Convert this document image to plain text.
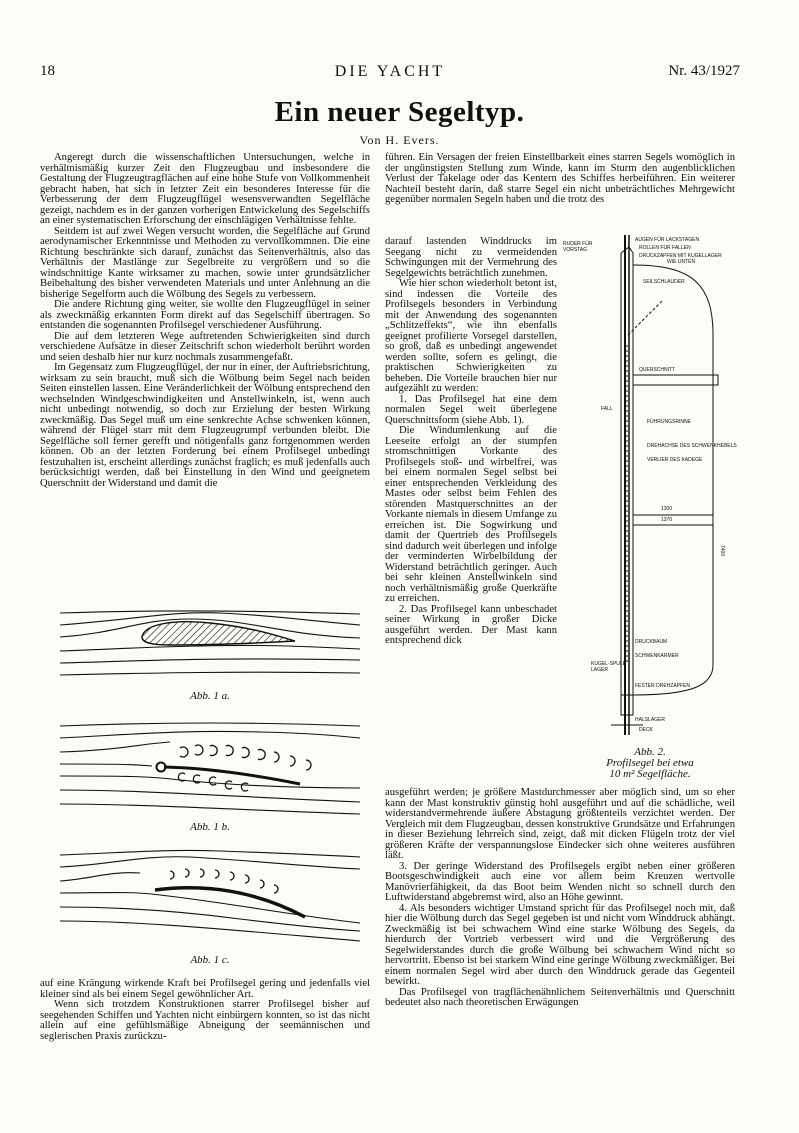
18	DIE YACHT	Nr. 43/1927
Ein neuer Segeltyp.
Von H. Evers.

Angeregt durch die wissenschaftlichen Untersuchungen, welche in verhältnismäßig kurzer Zeit den Flugzeugbau und insbesondere die Gestaltung der Flugzeugtragflächen auf eine hohe Stufe von Vollkommenheit gebracht haben, hat sich in letzter Zeit ein besonderes Interesse für die Verbesserung der dem Flugzeugflügel wesensverwandten Segelfläche gezeigt, nachdem es in der ganzen vorherigen Entwickelung des Segelschiffs an einer systematischen Erforschung der einschlägigen Verhältnisse fehlte.

Seitdem ist auf zwei Wegen versucht worden, die Segelfläche auf Grund aerodynamischer Erkenntnisse und Methoden zu vervollkommnen. Die eine Richtung beschränkte sich darauf, zunächst das Seitenverhältnis, also das Verhältnis der Mastlänge zur Segelbreite zu vergrößern und so die windschnittige Kante wirksamer zu machen, sowie unter grundsätzlicher Beibehaltung des bisher verwendeten Materials und unter Anlehnung an die bisherige Segelform auch die Wölbung des Segels zu verbessern.

Die andere Richtung ging weiter, sie wollte den Flugzeugflügel in seiner als zweckmäßig erkannten Form direkt auf das Segelschiff übertragen. So entstanden die sogenannten Profilsegel verschiedener Ausführung.

Die auf dem letzteren Wege auftretenden Schwierigkeiten sind durch verschiedene Aufsätze in dieser Zeitschrift schon wiederholt berührt worden und seien deshalb hier nur kurz nochmals zusammengefaßt.

Im Gegensatz zum Flugzeugflügel, der nur in einer, der Auftriebsrichtung, wirksam zu sein braucht, muß sich die Wölbung beim Segel nach beiden Seiten einstellen lassen. Eine Veränderlichkeit der Wölbung entsprechend den wechselnden Windgeschwindigkeiten und Anstellwinkeln, ist, wenn auch nicht unbedingt notwendig, so doch zur Erzielung der besten Wirkung zweckmäßig. Das Segel muß um eine senkrechte Achse schwenken können, während der Flügel starr mit dem Flugzeugrumpf verbunden bleibt. Die Segelfläche soll ferner gerefft und nötigenfalls ganz fortgenommen werden können. Ob an der letzten Forderung bei einem Profilsegel unbedingt festzuhalten ist, erscheint allerdings zunächst fraglich; es muß jedenfalls auch berücksichtigt werden, daß bei Einstellung in den Wind und geeignetem Querschnitt der Widerstand und damit die

Abb. 1 a.
Abb. 1 b.
Abb. 1 c.

auf eine Krängung wirkende Kraft bei Profilsegel gering und jedenfalls viel kleiner sind als bei einem Segel gewöhnlicher Art.

Wenn sich trotzdem Konstruktionen starrer Profilsegel bisher auf seegehenden Schiffen und Yachten nicht einbürgern konnten, so ist das nicht allein auf eine gefühlsmäßige Abneigung der seemännischen und seglerischen Praxis zurückzu-

führen. Ein Versagen der freien Einstellbarkeit eines starren Segels womöglich in der ungünstigsten Stellung zum Winde, kann im Sturm den augenblicklichen Verlust der Takelage oder das Kentern des Schiffes herbeiführen. Ein weiterer Nachteil besteht darin, daß starre Segel ein nicht unbeträchtliches Mehrgewicht gegenüber normalen Segeln haben und die trotz des

darauf lastenden Winddrucks im Seegang nicht zu vermeidenden Schwingungen mit der Vermehrung des Segelgewichts beträchtlich zunehmen.

Wie hier schon wiederholt betont ist, sind indessen die Vorteile des Profilsegels besonders in Verbindung mit der Anwendung des sogenannten „Schlitzeffekts“, wie ihn ebenfalls geeignet profilierte Vorsegel darstellen, so groß, daß es unbedingt angewendet werden sollte, sofern es gelingt, die praktischen Schwierigkeiten zu beheben. Die Vorteile brauchen hier nur aufgezählt zu werden:

1. Das Profilsegel hat eine dem normalen Segel weit überlegene Querschnittsform (siehe Abb. 1).

Die Windumlenkung auf die Leeseite erfolgt an der stumpfen stromschnittigen Vorkante des Profilsegels stoß- und wirbelfrei, was bei einem normalen Segel selbst bei einer entsprechenden Verkleidung des Mastes oder selbst beim Fehlen des störenden Mastquerschnittes an der Vorkante niemals in diesem Umfange zu erreichen ist. Die Sogwirkung und damit der Quertrieb des Profilsegels sind dadurch weit überlegen und infolge der verminderten Wirbelbildung der Widerstand beträchtlich geringer. Auch bei sehr kleinen Anstellwinkeln sind noch verhältnismäßig große Querkräfte zu erreichen.

2. Das Profilsegel kann unbeschadet seiner Wirkung in großer Dicke ausgeführt werden. Der Mast kann entsprechend dick

RUDER FÜR
VORSTAG
AUGEN FÜR LACKSTAGEN
ROLLEN FÜR FALLEN
DRUCKZAPFEN MIT KUGELLAGER
WIE UNTEN
SEILSCHLAUDER
QUERSCHNITT
FALL
FÜHRUNGSRINNE
DREHACHSE DES SCHWENKHEBELS
VERLIER DES KADEGE
1300
1370
7400
DRUCKBAUM
SCHWENKARMER
FESTER DREHZAPFEN
KUGEL-SPULE
LAGER
HALSLAGER
DECK
Abb. 2.
Profilsegel bei etwa
10 m² Segelfläche.

ausgeführt werden; je größere Mastdurchmesser aber möglich sind, um so eher kann der Mast konstruktiv günstig hohl ausgeführt und auf die schädliche, weil widerstandvermehrende äußere Abstagung größtenteils verzichtet werden. Der Vergleich mit dem Flugzeugbau, dessen konstruktive Grundsätze und Erfahrungen in dieser Beziehung lehrreich sind, zeigt, daß mit dicken Flügeln trotz der viel größeren Kräfte der verspannungslose Eindecker sich ohne weiteres ausführen läßt.

3. Der geringe Widerstand des Profilsegels ergibt neben einer größeren Bootsgeschwindigkeit auch eine vor allem beim Kreuzen wertvolle Manövrierfähigkeit, da das Boot beim Wenden nicht so schnell durch den Luftwiderstand abgebremst wird, also an Höhe gewinnt.

4. Als besonders wichtiger Umstand spricht für das Profilsegel noch mit, daß hier die Wölbung durch das Segel gegeben ist und nicht vom Winddruck abhängt. Zweckmäßig ist bei schwachem Wind eine starke Wölbung des Segels, da hierdurch der Vortrieb verbessert wird und die Vergrößerung des Segelwiderstandes durch die große Wölbung bei schwachem Wind nicht so hervortritt. Ebenso ist bei starkem Wind eine geringe Wölbung zweckmäßiger. Bei einem normalen Segel wird aber durch den Winddruck gerade das Gegenteil bewirkt.

Das Profilsegel von tragflächenähnlichem Seitenverhältnis und Querschnitt bedeutet also nach theoretischen Erwägungen
